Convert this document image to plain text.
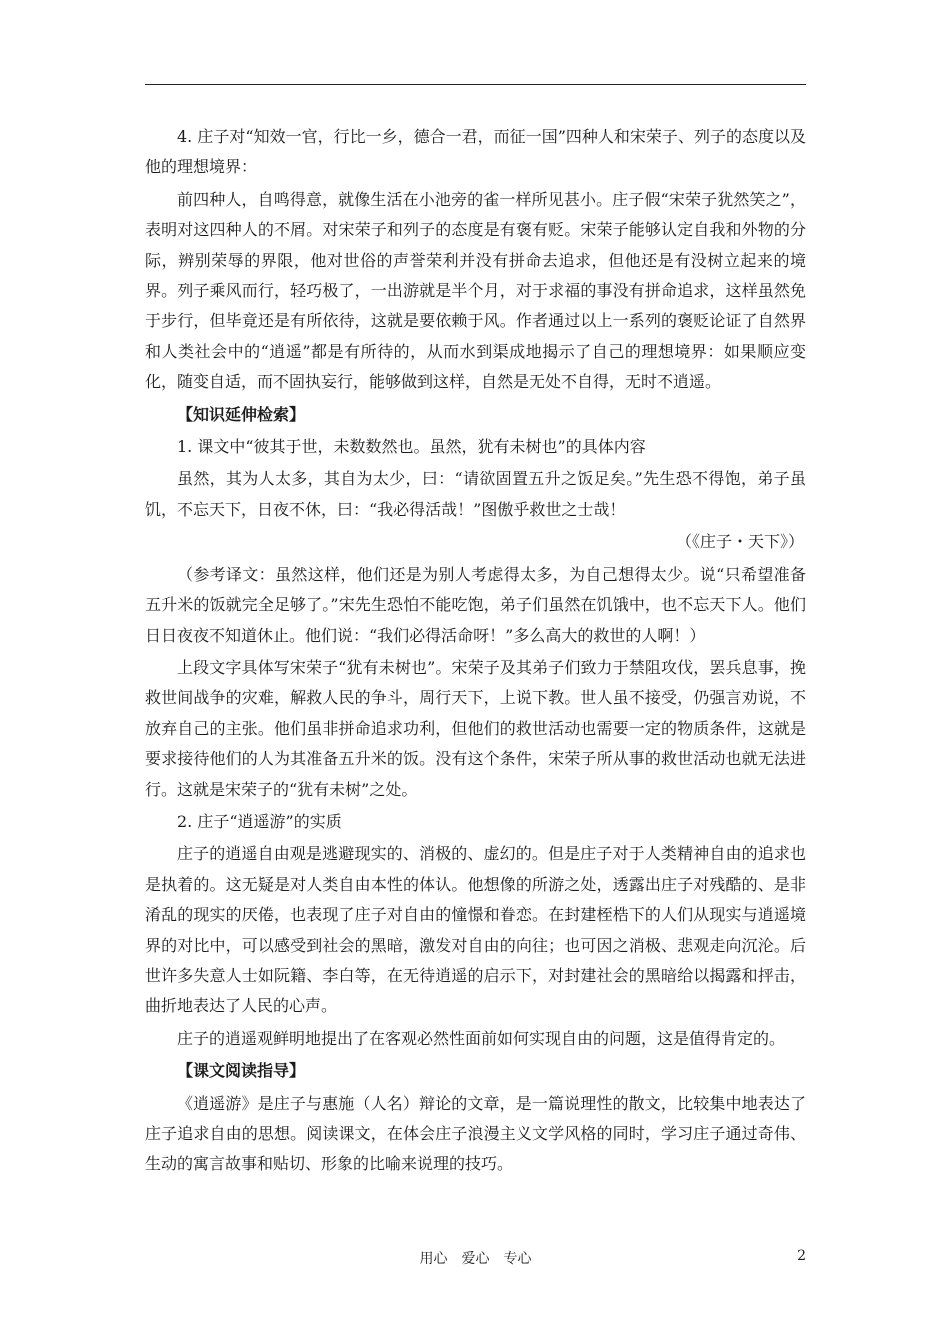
4. 庄子对“知效一官，行比一乡，德合一君，而征一国”四种人和宋荣子、列子的态度以及他的理想境界：

前四种人，自鸣得意，就像生活在小池旁的雀一样所见甚小。庄子假“宋荣子犹然笑之”，表明对这四种人的不屑。对宋荣子和列子的态度是有褒有贬。宋荣子能够认定自我和外物的分际，辨别荣辱的界限，他对世俗的声誉荣利并没有拼命去追求，但他还是有没树立起来的境界。列子乘风而行，轻巧极了，一出游就是半个月，对于求福的事没有拼命追求，这样虽然免于步行，但毕竟还是有所依待，这就是要依赖于风。作者通过以上一系列的褒贬论证了自然界和人类社会中的“逍遥”都是有所待的，从而水到渠成地揭示了自己的理想境界：如果顺应变化，随变自适，而不固执妄行，能够做到这样，自然是无处不自得，无时不逍遥。

【知识延伸检索】

1. 课文中“彼其于世，未数数然也。虽然，犹有未树也”的具体内容

虽然，其为人太多，其自为太少，曰：“请欲固置五升之饭足矣。”先生恐不得饱，弟子虽饥，不忘天下，日夜不休，曰：“我必得活哉！”图傲乎救世之士哉！

（《庄子・天下》）

（参考译文：虽然这样，他们还是为别人考虑得太多，为自己想得太少。说“只希望准备五升米的饭就完全足够了。”宋先生恐怕不能吃饱，弟子们虽然在饥饿中，也不忘天下人。他们日日夜夜不知道休止。他们说：“我们必得活命呀！”多么高大的救世的人啊！）

上段文字具体写宋荣子“犹有未树也”。宋荣子及其弟子们致力于禁阻攻伐，罢兵息事，挽救世间战争的灾难，解救人民的争斗，周行天下，上说下教。世人虽不接受，仍强言劝说，不放弃自己的主张。他们虽非拼命追求功利，但他们的救世活动也需要一定的物质条件，这就是要求接待他们的人为其准备五升米的饭。没有这个条件，宋荣子所从事的救世活动也就无法进行。这就是宋荣子的“犹有未树”之处。

2. 庄子“逍遥游”的实质

庄子的逍遥自由观是逃避现实的、消极的、虚幻的。但是庄子对于人类精神自由的追求也是执着的。这无疑是对人类自由本性的体认。他想像的所游之处，透露出庄子对残酷的、是非淆乱的现实的厌倦，也表现了庄子对自由的憧憬和眷恋。在封建桎梏下的人们从现实与逍遥境界的对比中，可以感受到社会的黑暗，激发对自由的向往；也可因之消极、悲观走向沉沦。后世许多失意人士如阮籍、李白等，在无待逍遥的启示下，对封建社会的黑暗给以揭露和抨击，曲折地表达了人民的心声。

庄子的逍遥观鲜明地提出了在客观必然性面前如何实现自由的问题，这是值得肯定的。

【课文阅读指导】

《逍遥游》是庄子与惠施（人名）辩论的文章，是一篇说理性的散文，比较集中地表达了庄子追求自由的思想。阅读课文，在体会庄子浪漫主义文学风格的同时，学习庄子通过奇伟、生动的寓言故事和贴切、形象的比喻来说理的技巧。

用心　爱心　专心	2
